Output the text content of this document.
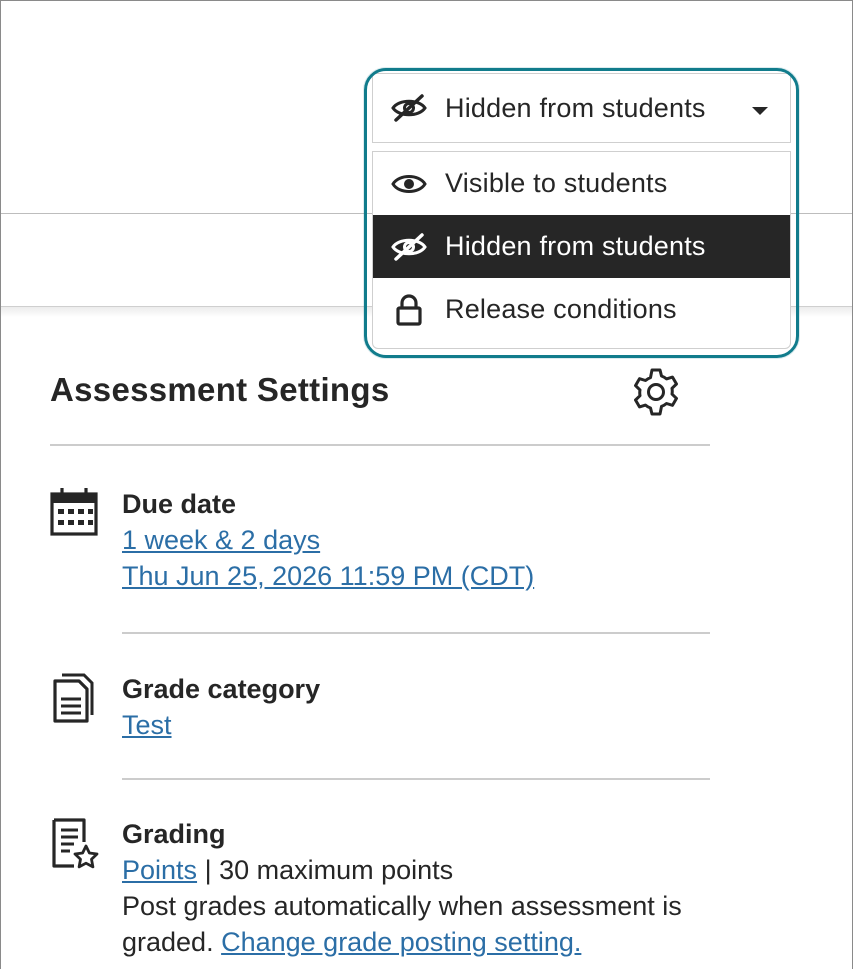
Hidden from students
Visible to students
Hidden from students
Release conditions
Assessment Settings
Due date
1 week & 2 days
Thu Jun 25, 2026 11:59 PM (CDT)
Grade category
Test
Grading
Points | 30 maximum points
Post grades automatically when assessment is graded. Change grade posting setting.
